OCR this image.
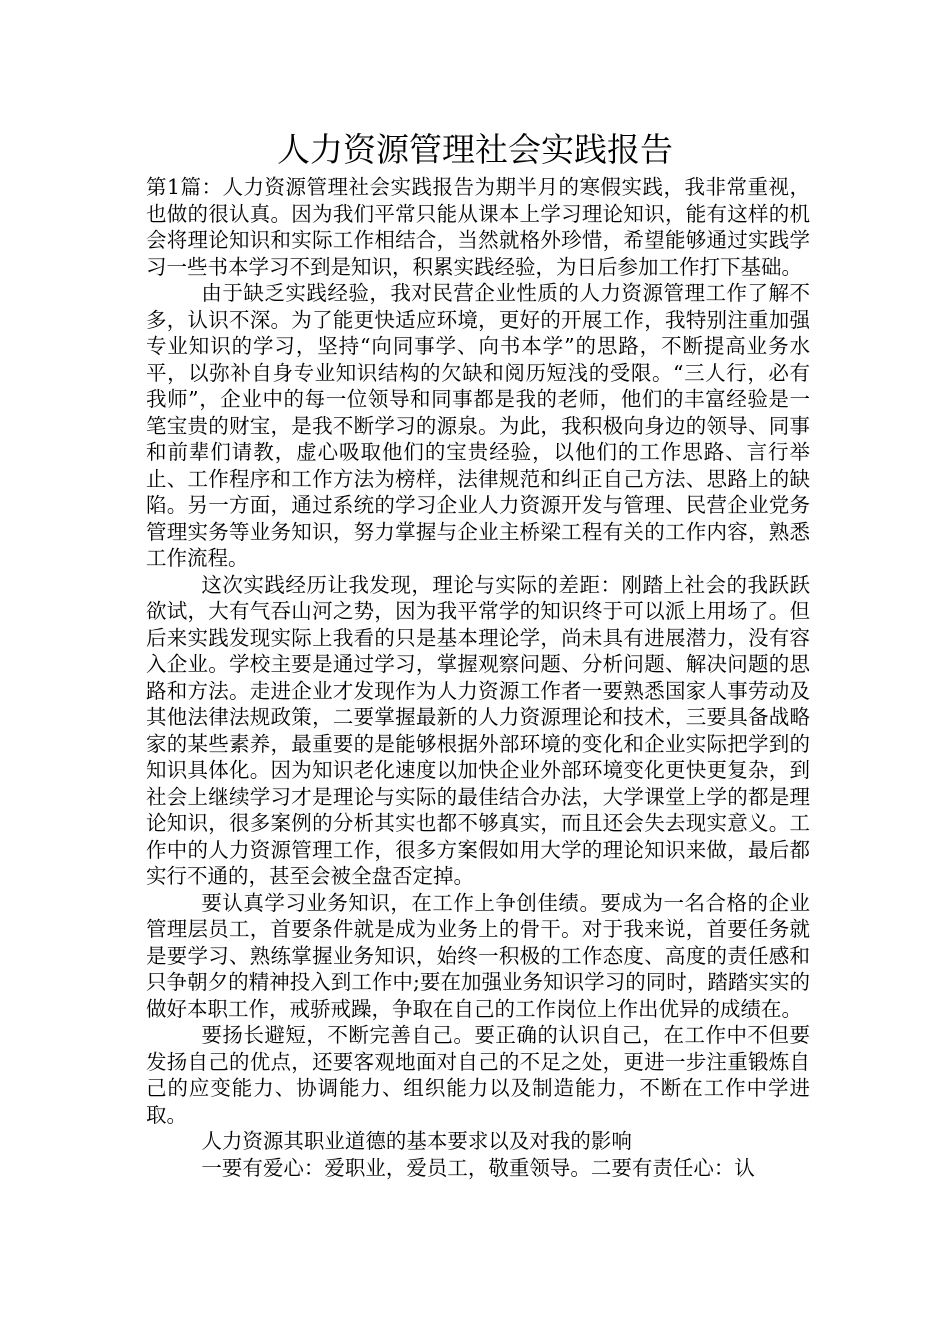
人力资源管理社会实践报告

第1篇：人力资源管理社会实践报告为期半月的寒假实践，我非常重视，也做的很认真。因为我们平常只能从课本上学习理论知识，能有这样的机会将理论知识和实际工作相结合，当然就格外珍惜，希望能够通过实践学习一些书本学习不到是知识，积累实践经验，为日后参加工作打下基础。

由于缺乏实践经验，我对民营企业性质的人力资源管理工作了解不多，认识不深。为了能更快适应环境，更好的开展工作，我特别注重加强专业知识的学习，坚持“向同事学、向书本学”的思路，不断提高业务水平，以弥补自身专业知识结构的欠缺和阅历短浅的受限。“三人行，必有我师”，企业中的每一位领导和同事都是我的老师，他们的丰富经验是一笔宝贵的财宝，是我不断学习的源泉。为此，我积极向身边的领导、同事和前辈们请教，虚心吸取他们的宝贵经验，以他们的工作思路、言行举止、工作程序和工作方法为榜样，法律规范和纠正自己方法、思路上的缺陷。另一方面，通过系统的学习企业人力资源开发与管理、民营企业党务管理实务等业务知识，努力掌握与企业主桥梁工程有关的工作内容，熟悉工作流程。

这次实践经历让我发现，理论与实际的差距：刚踏上社会的我跃跃欲试，大有气吞山河之势，因为我平常学的知识终于可以派上用场了。但后来实践发现实际上我看的只是基本理论学，尚未具有进展潜力，没有容入企业。学校主要是通过学习，掌握观察问题、分析问题、解决问题的思路和方法。走进企业才发现作为人力资源工作者一要熟悉国家人事劳动及其他法律法规政策，二要掌握最新的人力资源理论和技术，三要具备战略家的某些素养，最重要的是能够根据外部环境的变化和企业实际把学到的知识具体化。因为知识老化速度以加快企业外部环境变化更快更复杂，到社会上继续学习才是理论与实际的最佳结合办法，大学课堂上学的都是理论知识，很多案例的分析其实也都不够真实，而且还会失去现实意义。工作中的人力资源管理工作，很多方案假如用大学的理论知识来做，最后都实行不通的，甚至会被全盘否定掉。

要认真学习业务知识，在工作上争创佳绩。要成为一名合格的企业管理层员工，首要条件就是成为业务上的骨干。对于我来说，首要任务就是要学习、熟练掌握业务知识，始终一积极的工作态度、高度的责任感和只争朝夕的精神投入到工作中;要在加强业务知识学习的同时，踏踏实实的做好本职工作，戒骄戒躁，争取在自己的工作岗位上作出优异的成绩在。

要扬长避短，不断完善自己。要正确的认识自己，在工作中不但要发扬自己的优点，还要客观地面对自己的不足之处，更进一步注重锻炼自己的应变能力、协调能力、组织能力以及制造能力，不断在工作中学进取。

人力资源其职业道德的基本要求以及对我的影响

一要有爱心：爱职业，爱员工，敬重领导。二要有责任心：认
